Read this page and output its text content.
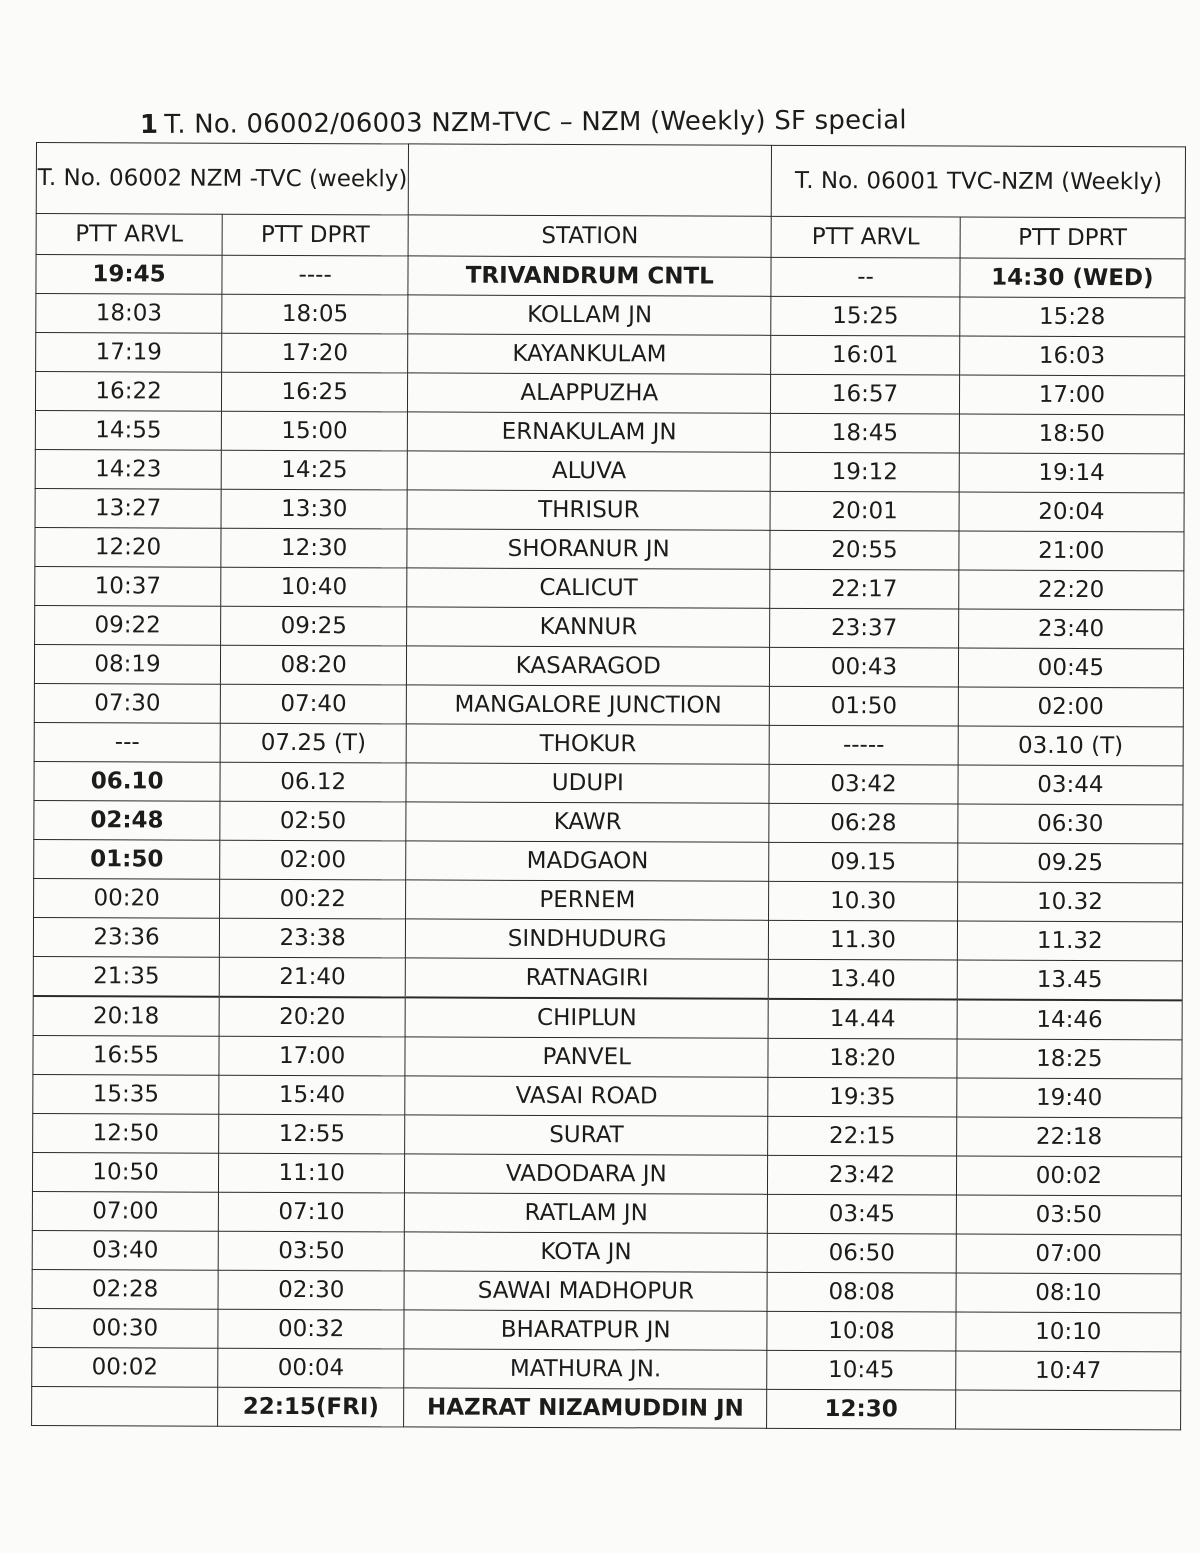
1 T. No. 06002/06003 NZM-TVC – NZM (Weekly) SF special
T. No. 06002 NZM -TVC (weekly)			T. No. 06001 TVC-NZM (Weekly)	
PTT ARVL	PTT DPRT	STATION	PTT ARVL	PTT DPRT
19:45	----	TRIVANDRUM CNTL	--	14:30 (WED)
18:03	18:05	KOLLAM JN	15:25	15:28
17:19	17:20	KAYANKULAM	16:01	16:03
16:22	16:25	ALAPPUZHA	16:57	17:00
14:55	15:00	ERNAKULAM JN	18:45	18:50
14:23	14:25	ALUVA	19:12	19:14
13:27	13:30	THRISUR	20:01	20:04
12:20	12:30	SHORANUR JN	20:55	21:00
10:37	10:40	CALICUT	22:17	22:20
09:22	09:25	KANNUR	23:37	23:40
08:19	08:20	KASARAGOD	00:43	00:45
07:30	07:40	MANGALORE JUNCTION	01:50	02:00
---	07.25 (T)	THOKUR	-----	03.10 (T)
06.10	06.12	UDUPI	03:42	03:44
02:48	02:50	KAWR	06:28	06:30
01:50	02:00	MADGAON	09.15	09.25
00:20	00:22	PERNEM	10.30	10.32
23:36	23:38	SINDHUDURG	11.30	11.32
21:35	21:40	RATNAGIRI	13.40	13.45
20:18	20:20	CHIPLUN	14.44	14:46
16:55	17:00	PANVEL	18:20	18:25
15:35	15:40	VASAI ROAD	19:35	19:40
12:50	12:55	SURAT	22:15	22:18
10:50	11:10	VADODARA JN	23:42	00:02
07:00	07:10	RATLAM JN	03:45	03:50
03:40	03:50	KOTA JN	06:50	07:00
02:28	02:30	SAWAI MADHOPUR	08:08	08:10
00:30	00:32	BHARATPUR JN	10:08	10:10
00:02	00:04	MATHURA JN.	10:45	10:47
	22:15(FRI)	HAZRAT NIZAMUDDIN JN	12:30	
